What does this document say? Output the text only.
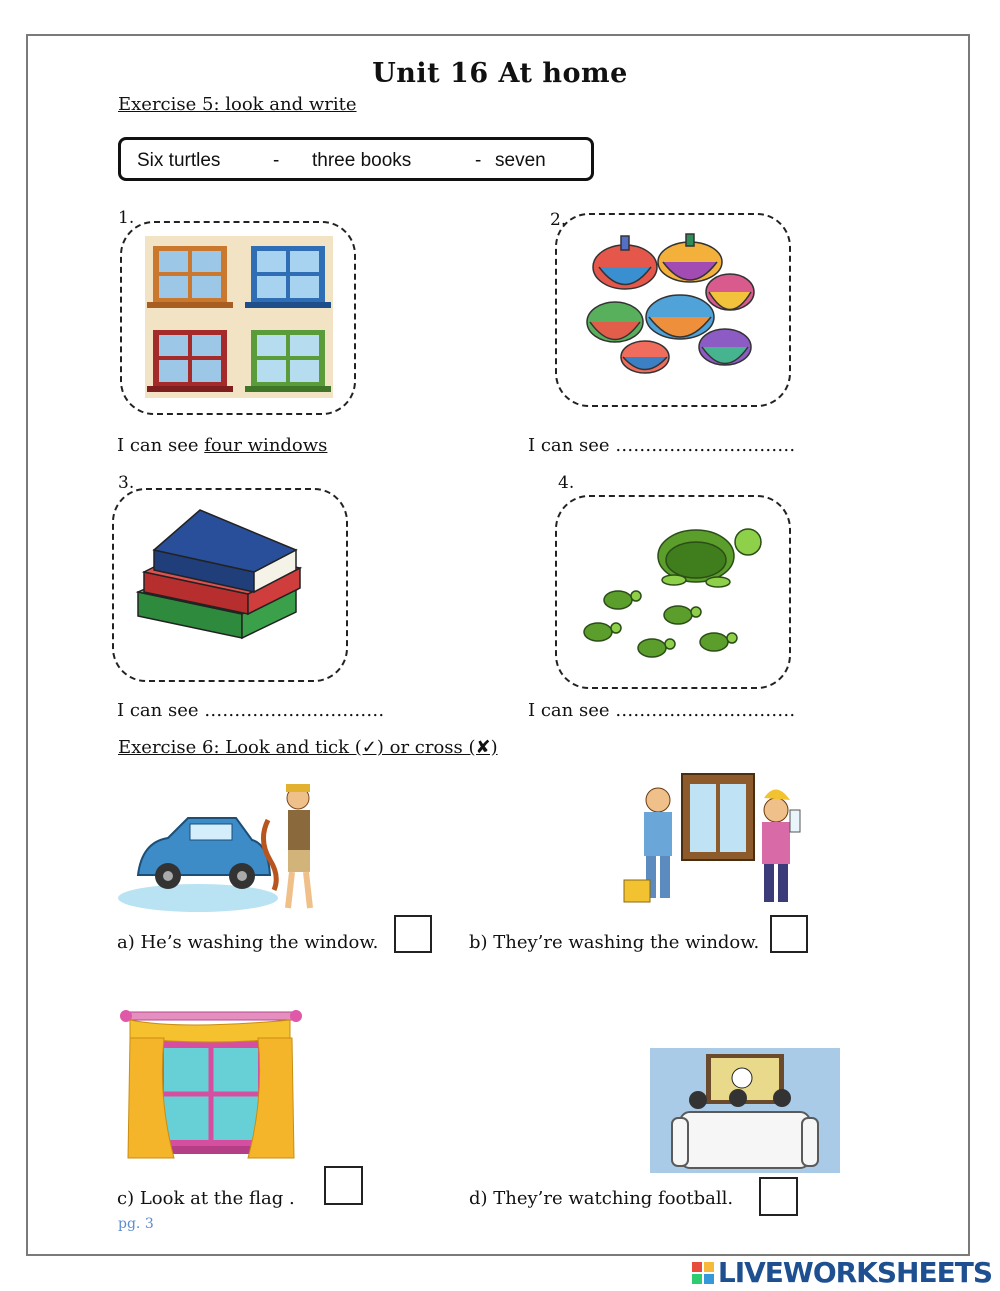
Unit 16 At home
Exercise 5: look and write
Six turtles	- three books	- seven
1.
I can see four windows
2.
I can see …………………………
3.
I can see …………………………
4.
I can see …………………………
Exercise 6: Look and tick (✓) or cross (✘)
a) He’s washing the window.	b) They’re washing the window.
c) Look at the flag .	d) They’re watching football.
pg. 3
LIVEWORKSHEETS
